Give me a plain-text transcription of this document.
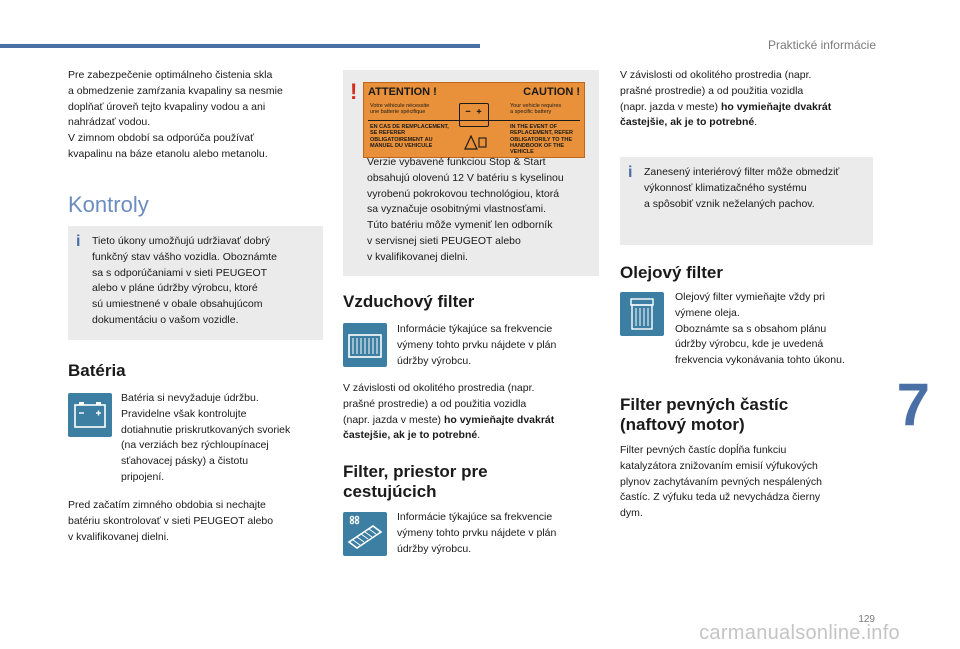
Praktické informácie
7
129
carmanualsonline.info

Pre zabezpečenie optimálneho čistenia skla

a obmedzenie zamŕzania kvapaliny sa nesmie

doplňať úroveň tejto kvapaliny vodou a ani

nahrádzať vodou.

V zimnom období sa odporúča používať

kvapalinu na báze etanolu alebo metanolu.

Kontroly
i Tieto úkony umožňujú udržiavať dobrý

funkčný stav vášho vozidla. Oboznámte

sa s odporúčaniami v sieti PEUGEOT

alebo v pláne údržby výrobcu, ktoré

sú umiestnené v obale obsahujúcom

dokumentáciu o vašom vozidle.

Batéria

Batéria si nevyžaduje údržbu.

Pravidelne však kontrolujte

dotiahnutie priskrutkovaných svoriek

(na verziách bez rýchloupínacej

sťahovacej pásky) a čistotu

pripojení.

Pred začatím zimného obdobia si nechajte

batériu skontrolovať v sieti PEUGEOT alebo

v kvalifikovanej dielni.

! ATTENTION !	CAUTION !
Votre véhicule nécessite
une batterie spécifique
Your vehicle requires
a specific battery
EN CAS DE REMPLACEMENT,
SE REFERER
OBLIGATOIREMENT AU
MANUEL DU VEHICULE
IN THE EVENT OF
REPLACEMENT, REFER
OBLIGATORILY TO THE
HANDBOOK OF THE VEHICLE

Verzie vybavené funkciou Stop & Start

obsahujú olovenú 12 V batériu s kyselinou

vyrobenú pokrokovou technológiou, ktorá

sa vyznačuje osobitnými vlastnosťami.

Túto batériu môže vymeniť len odborník

v servisnej sieti PEUGEOT alebo

v kvalifikovanej dielni.

Vzduchový filter

Informácie týkajúce sa frekvencie

výmeny tohto prvku nájdete v plán

údržby výrobcu.

V závislosti od okolitého prostredia (napr.

prašné prostredie) a od použitia vozidla

(napr. jazda v meste) ho vymieňajte dvakrát

častejšie, ak je to potrebné.

Filter, priestor pre
cestujúcich

Informácie týkajúce sa frekvencie

výmeny tohto prvku nájdete v plán

údržby výrobcu.

V závislosti od okolitého prostredia (napr.

prašné prostredie) a od použitia vozidla

(napr. jazda v meste) ho vymieňajte dvakrát

častejšie, ak je to potrebné.

i Zanesený interiérový filter môže obmedziť

výkonnosť klimatizačného systému

a spôsobiť vznik neželaných pachov.

Olejový filter

Olejový filter vymieňajte vždy pri

výmene oleja.

Oboznámte sa s obsahom plánu

údržby výrobcu, kde je uvedená

frekvencia vykonávania tohto úkonu.

Filter pevných častíc
(naftový motor)

Filter pevných častíc dopĺňa funkciu

katalyzátora znižovaním emisií výfukových

plynov zachytávaním pevných nespálených

častíc. Z výfuku teda už nevychádza čierny

dym.
